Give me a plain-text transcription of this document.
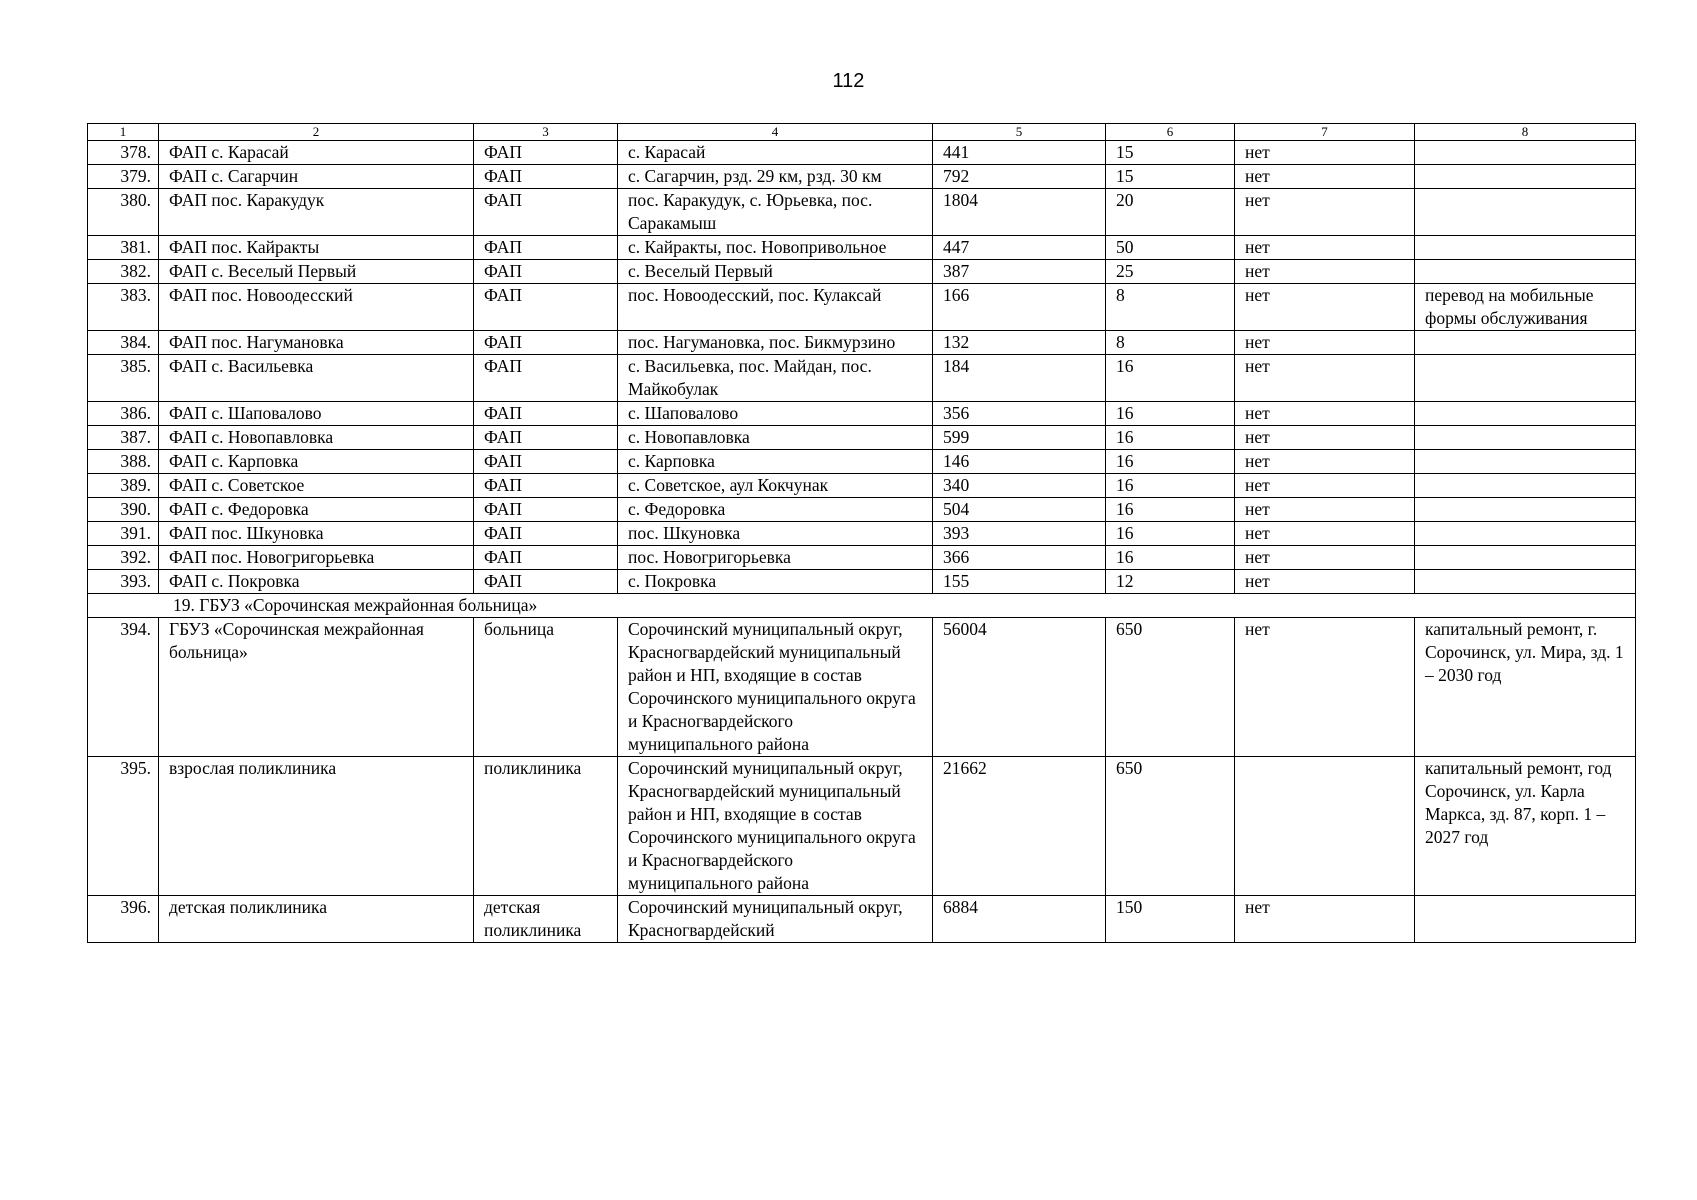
112
1	2	3	4	5	6	7	8
378.	ФАП с. Карасай	ФАП	с. Карасай	441	15	нет	
379.	ФАП с. Сагарчин	ФАП	с. Сагарчин, рзд. 29 км, рзд. 30 км	792	15	нет	
380.	ФАП пос. Каракудук	ФАП	пос. Каракудук, с. Юрьевка, пос. Саракамыш	1804	20	нет	
381.	ФАП пос. Кайракты	ФАП	с. Кайракты, пос. Новопривольное	447	50	нет	
382.	ФАП с. Веселый Первый	ФАП	с. Веселый Первый	387	25	нет	
383.	ФАП пос. Новоодесский	ФАП	пос. Новоодесский, пос. Кулаксай	166	8	нет	перевод на мобильные формы обслуживания
384.	ФАП пос. Нагумановка	ФАП	пос. Нагумановка, пос. Бикмурзино	132	8	нет	
385.	ФАП с. Васильевка	ФАП	с. Васильевка, пос. Майдан, пос. Майкобулак	184	16	нет	
386.	ФАП с. Шаповалово	ФАП	с. Шаповалово	356	16	нет	
387.	ФАП с. Новопавловка	ФАП	с. Новопавловка	599	16	нет	
388.	ФАП с. Карповка	ФАП	с. Карповка	146	16	нет	
389.	ФАП с. Советское	ФАП	с. Советское, аул Кокчунак	340	16	нет	
390.	ФАП с. Федоровка	ФАП	с. Федоровка	504	16	нет	
391.	ФАП пос. Шкуновка	ФАП	пос. Шкуновка	393	16	нет	
392.	ФАП пос. Новогригорьевка	ФАП	пос. Новогригорьевка	366	16	нет	
393.	ФАП с. Покровка	ФАП	с. Покровка	155	12	нет	
19. ГБУЗ «Сорочинская межрайонная больница»							
394.	ГБУЗ «Сорочинская межрайонная больница»	больница	Сорочинский муниципальный округ, Красногвардейский муниципальный район и НП, входящие в состав Сорочинского муниципального округа и Красногвардейского муниципального района	56004	650	нет	капитальный ремонт, г. Сорочинск, ул. Мира, зд. 1 – 2030 год
395.	взрослая поликлиника	поликлиника	Сорочинский муниципальный округ, Красногвардейский муниципальный район и НП, входящие в состав Сорочинского муниципального округа и Красногвардейского муниципального района	21662	650		капитальный ремонт, год Сорочинск, ул. Карла Маркса, зд. 87, корп. 1 – 2027 год
396.	детская поликлиника	детская поликлиника	Сорочинский муниципальный округ, Красногвардейский	6884	150	нет	
